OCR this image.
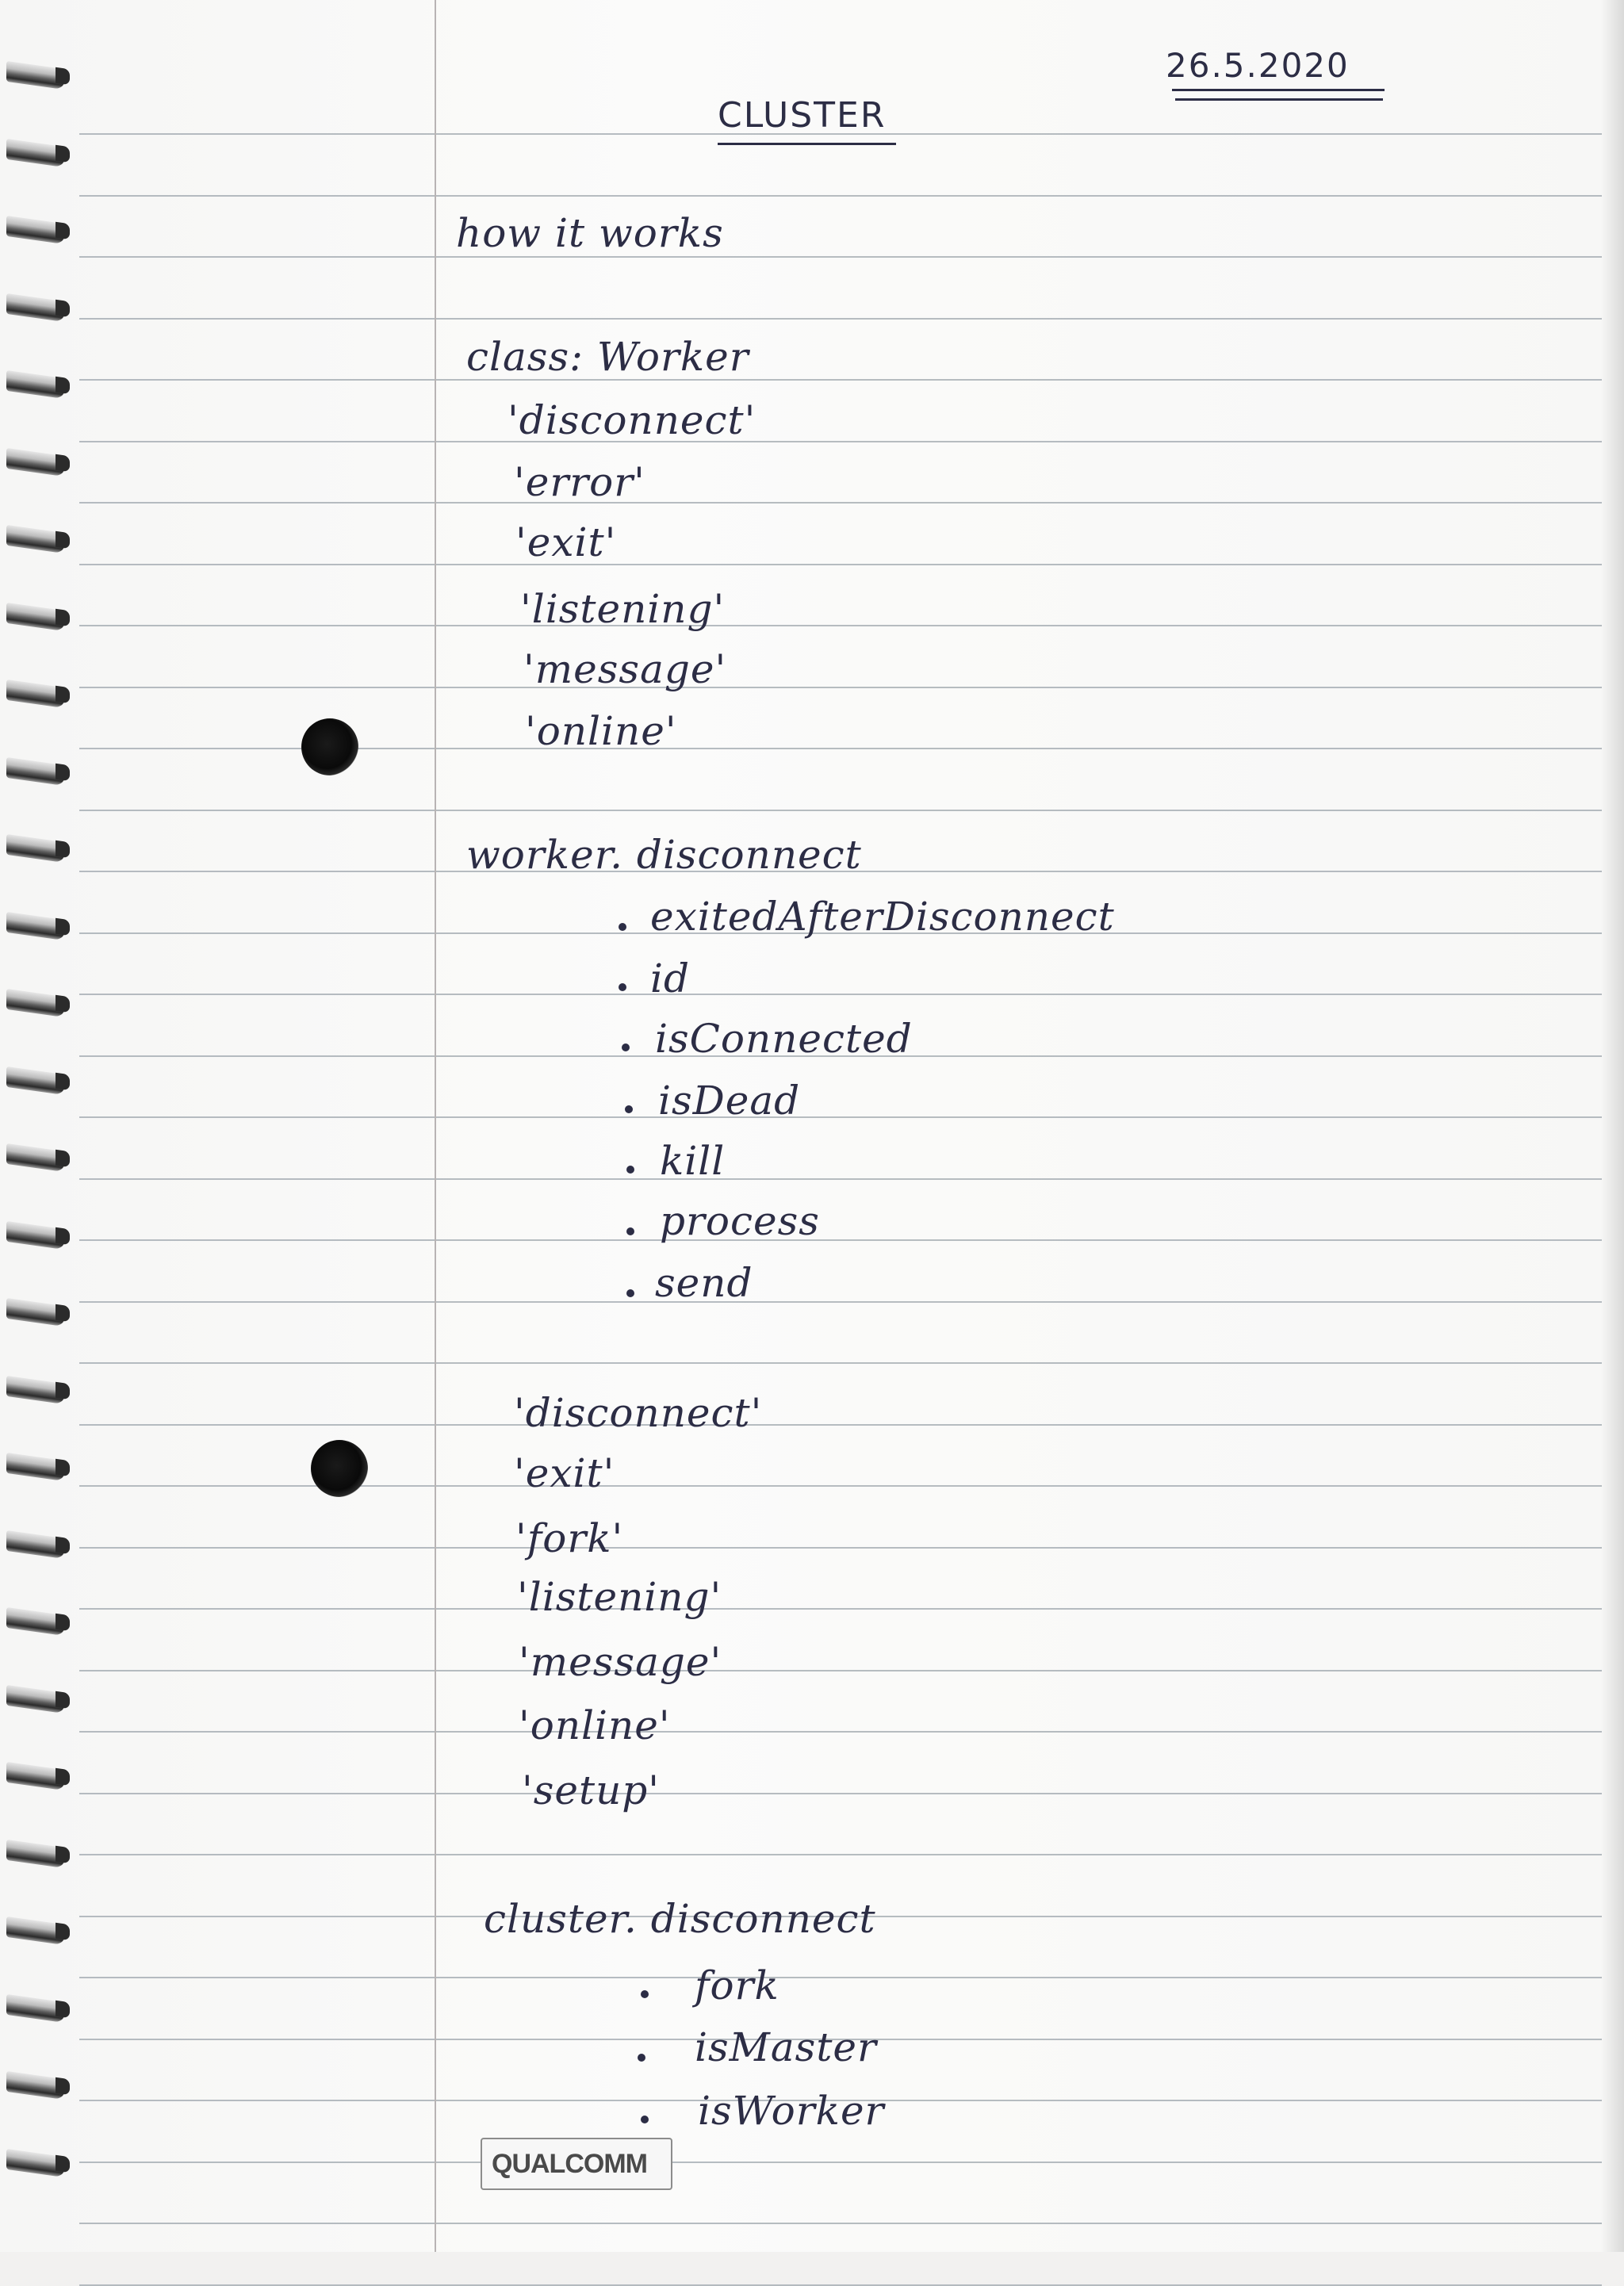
26.5.2020
CLUSTER
how it works
class: Worker
'disconnect'
'error'
'exit'
'listening'
'message'
'online'
worker. disconnect
exitedAfterDisconnect
id
isConnected
isDead
kill
process
send
'disconnect'
'exit'
'fork'
'listening'
'message'
'online'
'setup'
cluster. disconnect
fork
isMaster
isWorker
QUALCOMM
